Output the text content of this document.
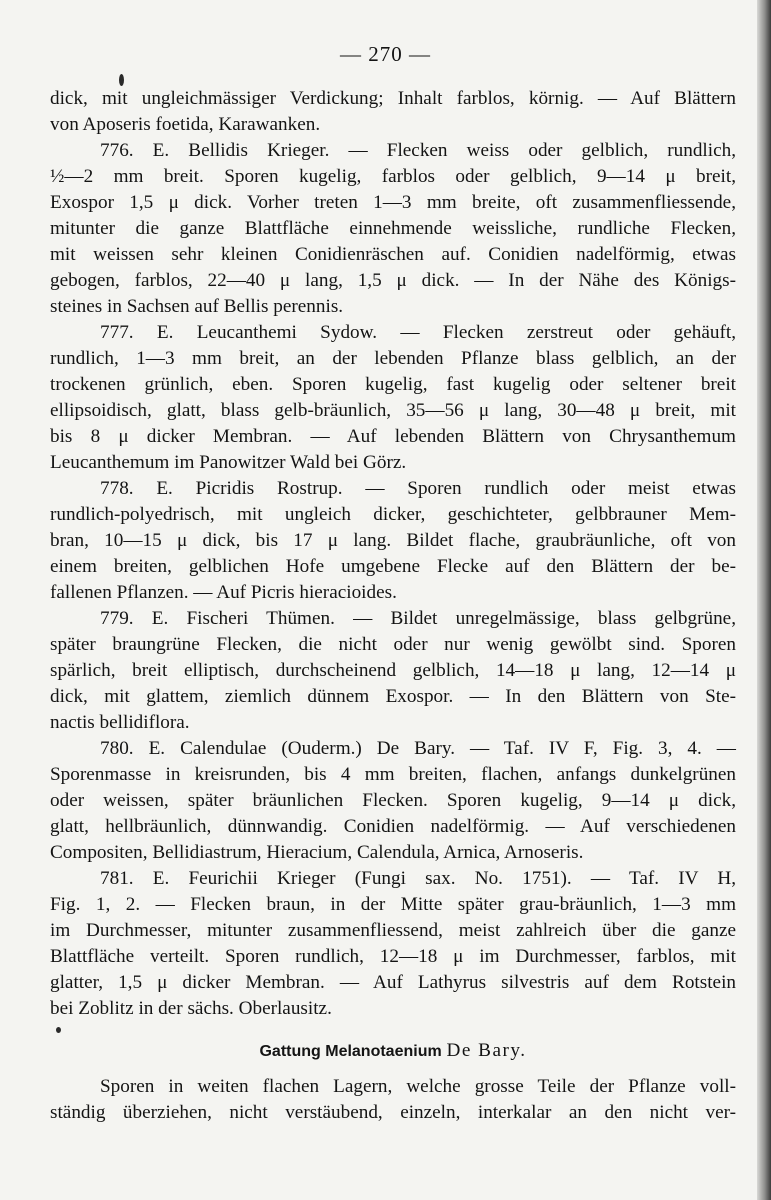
— 270 —
dick, mit ungleichmässiger Verdickung; Inhalt farblos, körnig. — Auf Blättern
von Aposeris foetida, Karawanken.
776. E. Bellidis Krieger. — Flecken weiss oder gelblich, rundlich,
½—2 mm breit. Sporen kugelig, farblos oder gelblich, 9—14 μ breit,
Exospor 1,5 μ dick. Vorher treten 1—3 mm breite, oft zusammenfliessende,
mitunter die ganze Blattfläche einnehmende weissliche, rundliche Flecken,
mit weissen sehr kleinen Conidienräschen auf. Conidien nadelförmig, etwas
gebogen, farblos, 22—40 μ lang, 1,5 μ dick. — In der Nähe des Königs-
steines in Sachsen auf Bellis perennis.
777. E. Leucanthemi Sydow. — Flecken zerstreut oder gehäuft,
rundlich, 1—3 mm breit, an der lebenden Pflanze blass gelblich, an der
trockenen grünlich, eben. Sporen kugelig, fast kugelig oder seltener breit
ellipsoidisch, glatt, blass gelb-bräunlich, 35—56 μ lang, 30—48 μ breit, mit
bis 8 μ dicker Membran. — Auf lebenden Blättern von Chrysanthemum
Leucanthemum im Panowitzer Wald bei Görz.
778. E. Picridis Rostrup. — Sporen rundlich oder meist etwas
rundlich-polyedrisch, mit ungleich dicker, geschichteter, gelbbrauner Mem-
bran, 10—15 μ dick, bis 17 μ lang. Bildet flache, graubräunliche, oft von
einem breiten, gelblichen Hofe umgebene Flecke auf den Blättern der be-
fallenen Pflanzen. — Auf Picris hieracioides.
779. E. Fischeri Thümen. — Bildet unregelmässige, blass gelbgrüne,
später braungrüne Flecken, die nicht oder nur wenig gewölbt sind. Sporen
spärlich, breit elliptisch, durchscheinend gelblich, 14—18 μ lang, 12—14 μ
dick, mit glattem, ziemlich dünnem Exospor. — In den Blättern von Ste-
nactis bellidiflora.
780. E. Calendulae (Ouderm.) De Bary. — Taf. IV F, Fig. 3, 4. —
Sporenmasse in kreisrunden, bis 4 mm breiten, flachen, anfangs dunkelgrünen
oder weissen, später bräunlichen Flecken. Sporen kugelig, 9—14 μ dick,
glatt, hellbräunlich, dünnwandig. Conidien nadelförmig. — Auf verschiedenen
Compositen, Bellidiastrum, Hieracium, Calendula, Arnica, Arnoseris.
781. E. Feurichii Krieger (Fungi sax. No. 1751). — Taf. IV H,
Fig. 1, 2. — Flecken braun, in der Mitte später grau-bräunlich, 1—3 mm
im Durchmesser, mitunter zusammenfliessend, meist zahlreich über die ganze
Blattfläche verteilt. Sporen rundlich, 12—18 μ im Durchmesser, farblos, mit
glatter, 1,5 μ dicker Membran. — Auf Lathyrus silvestris auf dem Rotstein
bei Zoblitz in der sächs. Oberlausitz.
Gattung Melanotaenium De Bary.
Sporen in weiten flachen Lagern, welche grosse Teile der Pflanze voll-
ständig überziehen, nicht verstäubend, einzeln, interkalar an den nicht ver-
